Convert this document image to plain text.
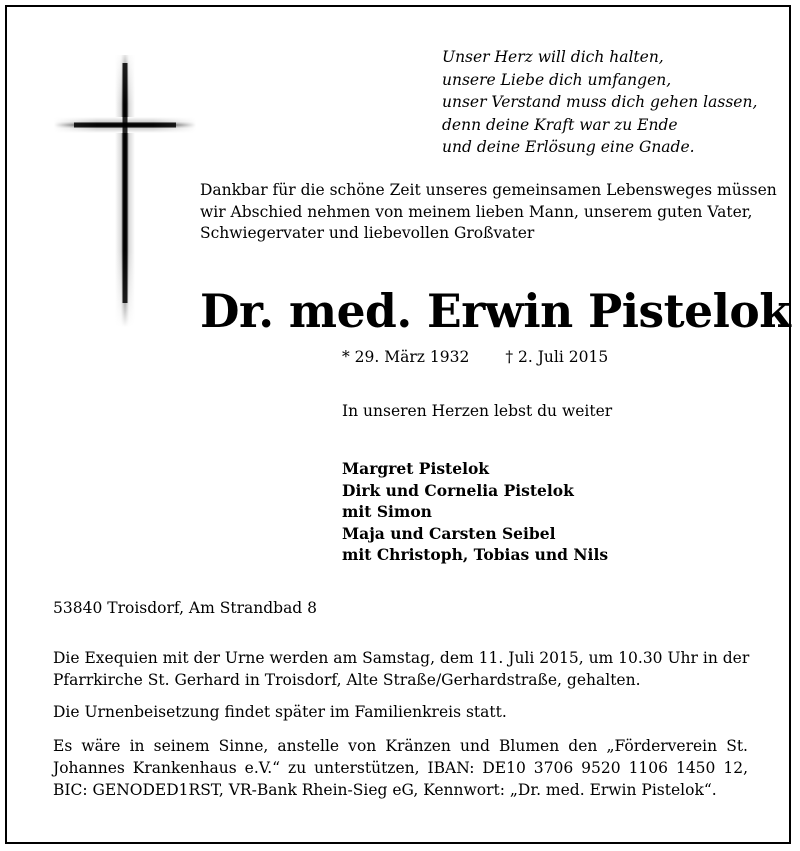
Unser Herz will dich halten,
unsere Liebe dich umfangen,
unser Verstand muss dich gehen lassen,
denn deine Kraft war zu Ende
und deine Erlösung eine Gnade.
Dankbar für die schöne Zeit unseres gemeinsamen Lebensweges müssen
wir Abschied nehmen von meinem lieben Mann, unserem guten Vater,
Schwiegervater und liebevollen Großvater
Dr. med. Erwin Pistelok
* 29. März 1932 † 2. Juli 2015
In unseren Herzen lebst du weiter
Margret Pistelok
Dirk und Cornelia Pistelok
mit Simon
Maja und Carsten Seibel
mit Christoph, Tobias und Nils
53840 Troisdorf, Am Strandbad 8
Die Exequien mit der Urne werden am Samstag, dem 11. Juli 2015, um 10.30 Uhr in der
Pfarrkirche St. Gerhard in Troisdorf, Alte Straße/Gerhardstraße, gehalten.
Die Urnenbeisetzung findet später im Familienkreis statt.
Es wäre in seinem Sinne, anstelle von Kränzen und Blumen den „Förderverein St.
Johannes Krankenhaus e.V.“ zu unterstützen, IBAN: DE10 3706 9520 1106 1450 12,
BIC: GENODED1RST, VR-Bank Rhein-Sieg eG, Kennwort: „Dr. med. Erwin Pistelok“.
